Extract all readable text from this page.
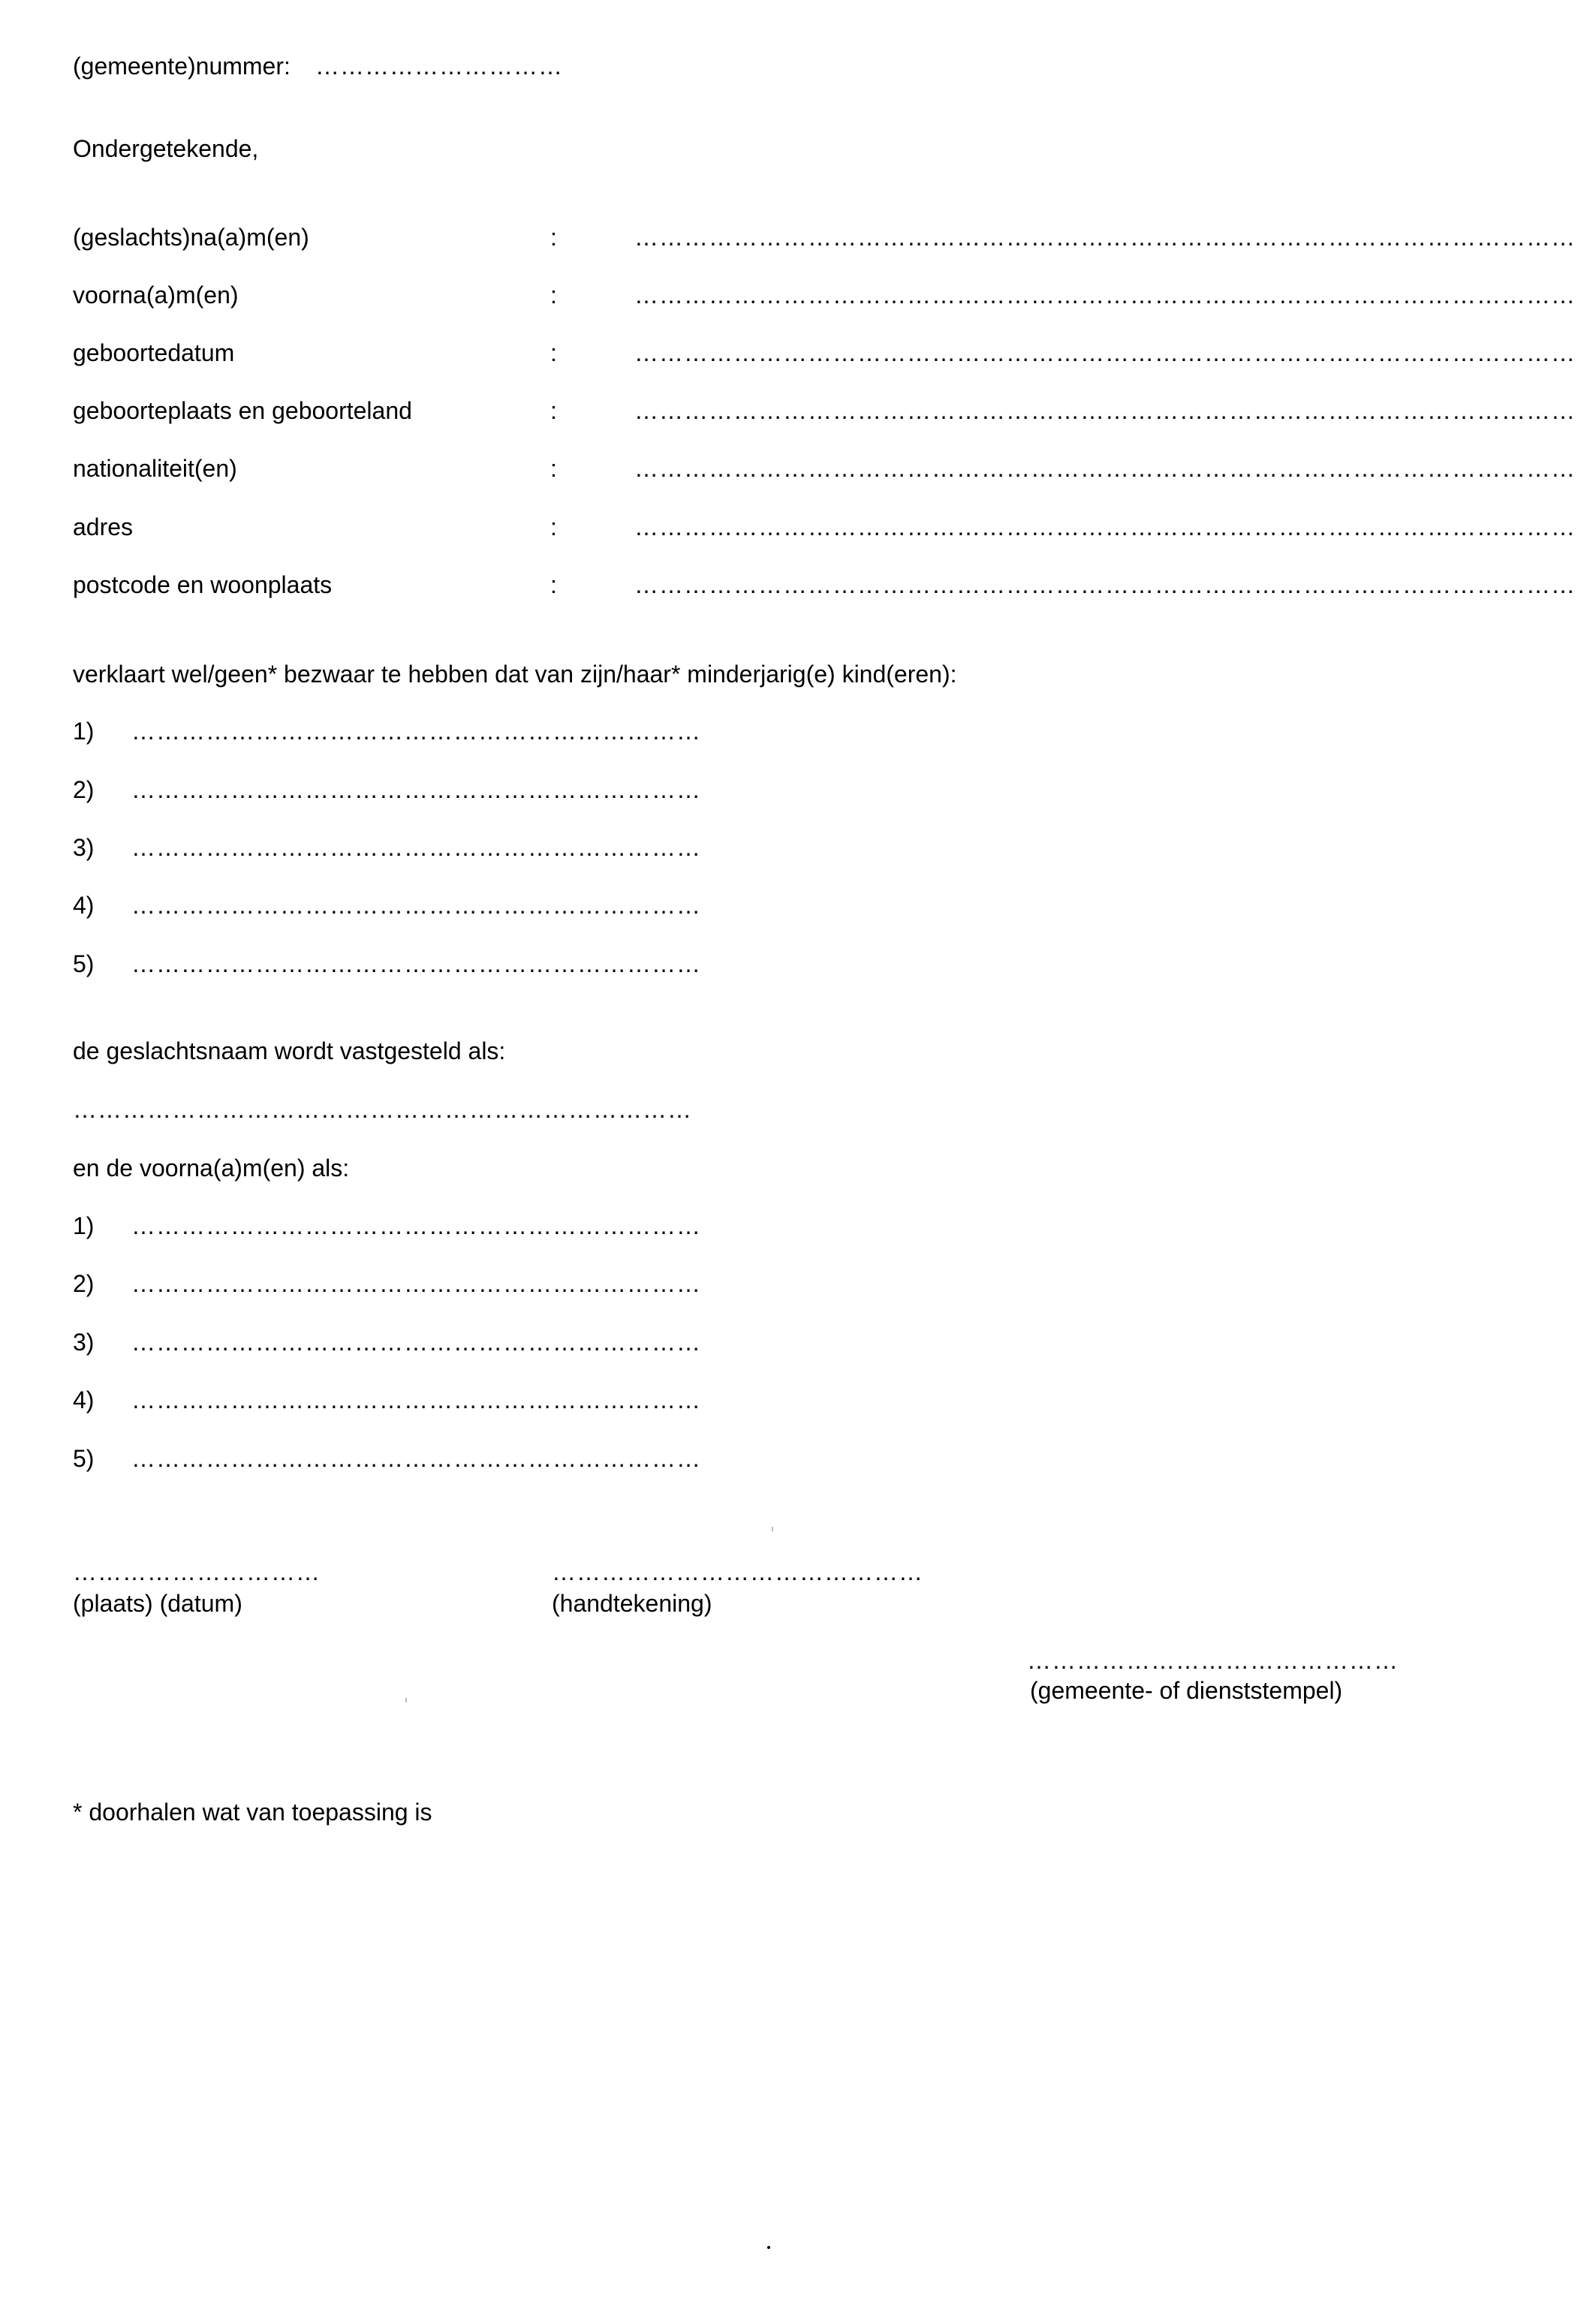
(gemeente)nummer: …………………………
Ondergetekende,
(geslachts)na(a)m(en)	:	……………………………………………………………………………………………………
voorna(a)m(en)	:	……………………………………………………………………………………………………
geboortedatum	:	……………………………………………………………………………………………………
geboorteplaats en geboorteland	:	……………………………………………………………………………………………………
nationaliteit(en)	:	……………………………………………………………………………………………………
adres	:	……………………………………………………………………………………………………
postcode en woonplaats	:	……………………………………………………………………………………………………
verklaart wel/geen* bezwaar te hebben dat van zijn/haar* minderjarig(e) kind(eren):
1) ……………………………………………………………
2) ……………………………………………………………
3) ……………………………………………………………
4) ……………………………………………………………
5) ……………………………………………………………
de geslachtsnaam wordt vastgesteld als:
…………………………………………………………………
en de voorna(a)m(en) als:
1) ……………………………………………………………
2) ……………………………………………………………
3) ……………………………………………………………
4) ……………………………………………………………
5) ……………………………………………………………
…………………………
(plaats) (datum)
………………………………………
(handtekening)
………………………………………
(gemeente- of dienststempel)
* doorhalen wat van toepassing is
